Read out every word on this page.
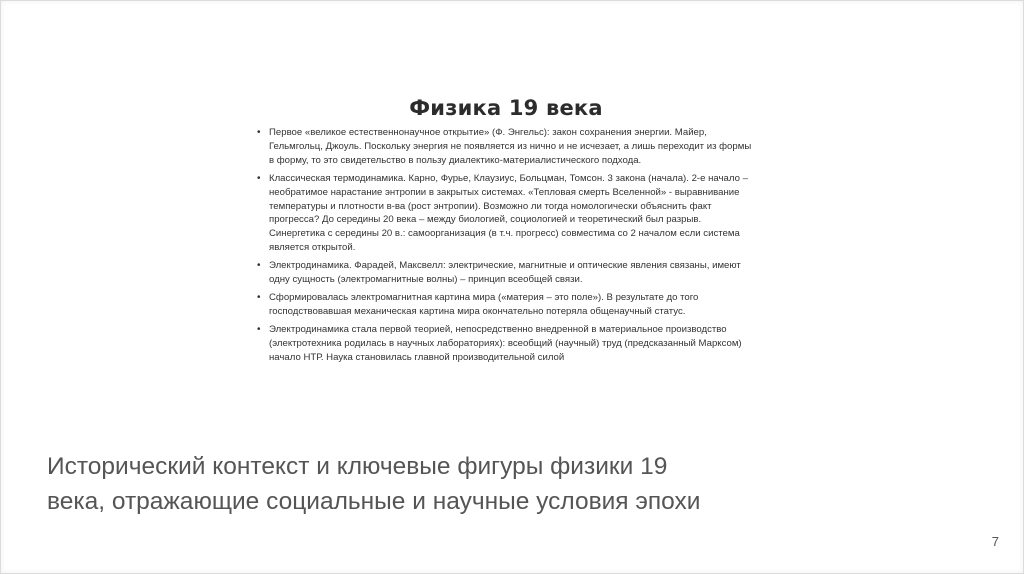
Физика 19 века
• Первое «великое естественнонаучное открытие» (Ф. Энгельс): закон сохранения энергии. Майер, Гельмгольц, Джоуль. Поскольку энергия не появляется из нично и не исчезает, а лишь переходит из формы в форму, то это свидетельство в пользу диалектико-материалистического подхода.
• Классическая термодинамика. Карно, Фурье, Клаузиус, Больцман, Томсон. 3 закона (начала). 2-е начало – необратимое нарастание энтропии в закрытых системах. «Тепловая смерть Вселенной» - выравнивание температуры и плотности в-ва (рост энтропии). Возможно ли тогда номологически объяснить факт прогресса? До середины 20 века – между биологией, социологией и теоретический был разрыв. Синергетика с середины 20 в.: самоорганизация (в т.ч. прогресс) совместима со 2 началом если система является открытой.
• Электродинамика. Фарадей, Максвелл: электрические, магнитные и оптические явления связаны, имеют одну сущность (электромагнитные волны) – принцип всеобщей связи.
• Сформировалась электромагнитная картина мира («материя – это поле»). В результате до того господствовавшая механическая картина мира окончательно потеряла общенаучный статус.
• Электродинамика стала первой теорией, непосредственно внедренной в материальное производство (электротехника родилась в научных лабораториях): всеобщий (научный) труд (предсказанный Марксом) начало НТР. Наука становилась главной производительной силой
Исторический контекст и ключевые фигуры физики 19 века, отражающие социальные и научные условия эпохи
7
